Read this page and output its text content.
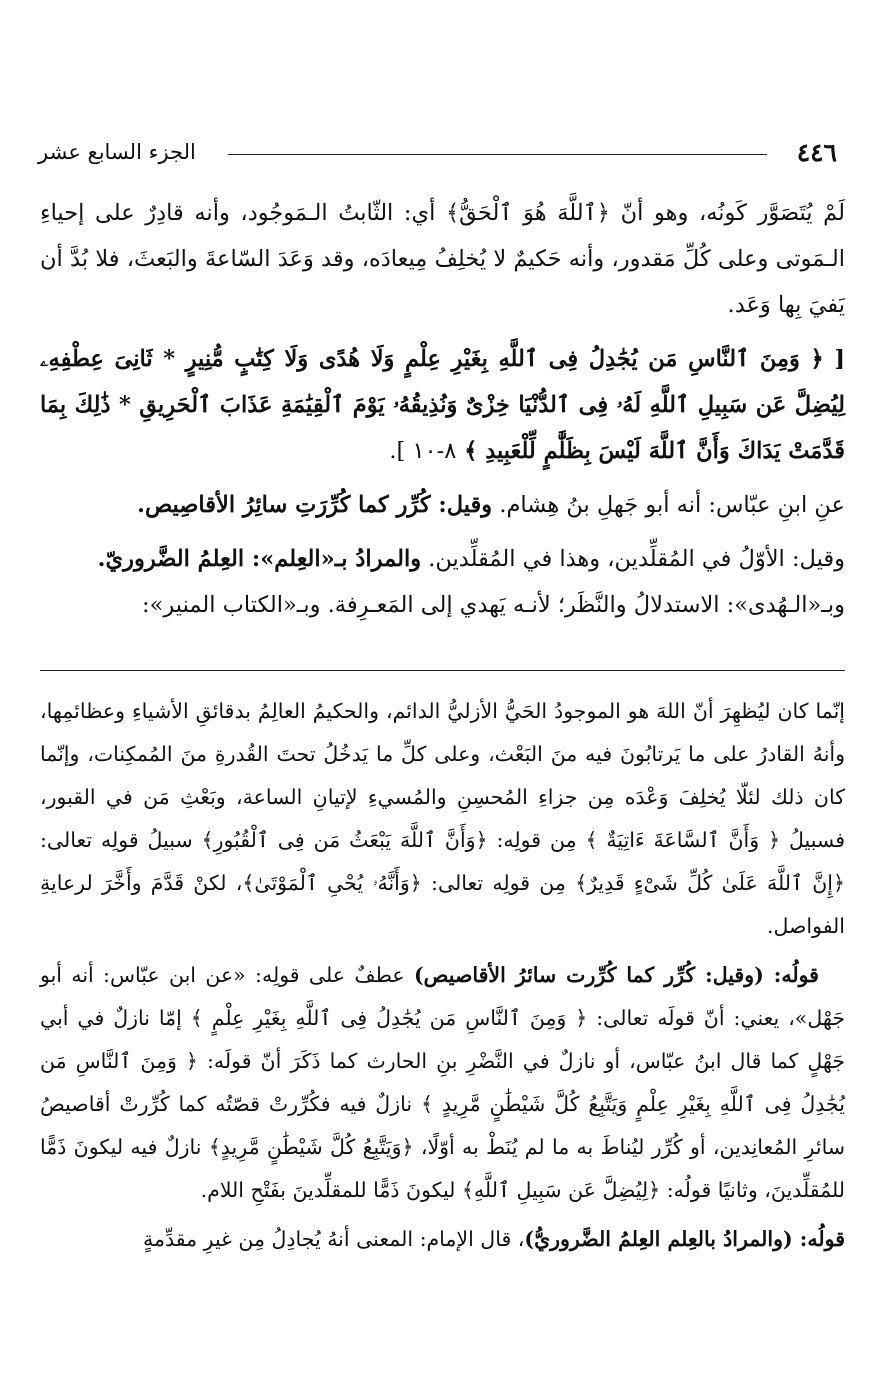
٤٤٦
الجزء السابع عشر

لَمْ يُتَصَوَّر كَونُه، وهو أنّ ﴿ٱللَّهَ هُوَ ٱلْحَقُّ﴾ أي: الثّابتُ الـمَوجُود، وأنه قادِرٌ على إحياءِ الـمَوتى وعلى كُلِّ مَقدور، وأنه حَكيمٌ لا يُخلِفُ مِيعادَه، وقد وَعَدَ السّاعةَ والبَعثَ، فلا بُدَّ أن يَفيَ بِها وَعَد.

[ ﴿ وَمِنَ ٱلنَّاسِ مَن يُجَٰدِلُ فِى ٱللَّهِ بِغَيْرِ عِلْمٍ وَلَا هُدًى وَلَا كِتَٰبٍ مُّنِيرٍ * ثَانِىَ عِطْفِهِۦ لِيُضِلَّ عَن سَبِيلِ ٱللَّهِ لَهُۥ فِى ٱلدُّنْيَا خِزْىٌ وَنُذِيقُهُۥ يَوْمَ ٱلْقِيَٰمَةِ عَذَابَ ٱلْحَرِيقِ * ذَٰلِكَ بِمَا قَدَّمَتْ يَدَاكَ وَأَنَّ ٱللَّهَ لَيْسَ بِظَلَّٰمٍ لِّلْعَبِيدِ ﴾ ٨-١٠ ].

عنِ ابنِ عبّاس: أنه أبو جَهلِ بنُ هِشام. وقيل: كُرِّر كما كُرِّرَتِ سائِرُ الأقاصِيص.

وقيل: الأوّلُ في المُقلِّدين، وهذا في المُقلِّدين. والمرادُ بـ«العِلم»: العِلمُ الضَّروريّ.
وبـ«الـهُدى»: الاستدلالُ والنَّظَر؛ لأنـه يَهدي إلى المَعـرِفة. وبـ«الكتاب المنير»:

إنّما كان ليُظهِرَ أنّ اللهَ هو الموجودُ الحَيُّ الأزليُّ الدائم، والحكيمُ العالِمُ بدقائقِ الأشياءِ وعظائمِها، وأنهُ القادرُ على ما يَرتابُونَ فيه منَ البَعْث، وعلى كلِّ ما يَدخُلُ تحتَ القُدرةِ منَ المُمكِنات، وإنّما كان ذلك لئلّا يُخلِفَ وَعْدَه مِن جزاءِ المُحسِنِ والمُسيءِ لإتيانِ الساعة، وبَعْثِ مَن في القبور، فسبيلُ ﴿ وَأَنَّ ٱلسَّاعَةَ ءَاتِيَةٌ ﴾ مِن قولِه: ﴿وَأَنَّ ٱللَّهَ يَبْعَثُ مَن فِى ٱلْقُبُورِ﴾ سبيلُ قولِه تعالى: ﴿إِنَّ ٱللَّهَ عَلَىٰ كُلِّ شَىْءٍ قَدِيرٌ﴾ مِن قولِه تعالى: ﴿وَأَنَّهُۥ يُحْىِ ٱلْمَوْتَىٰ﴾، لكنْ قَدَّمَ وأَخَّرَ لرعايةِ الفواصل.

قولُه: (وقيل: كُرِّر كما كُرِّرت سائرُ الأقاصيص) عطفٌ على قولِه: «عن ابن عبّاس: أنه أبو جَهْل»، يعني: أنّ قولَه تعالى: ﴿ وَمِنَ ٱلنَّاسِ مَن يُجَٰدِلُ فِى ٱللَّهِ بِغَيْرِ عِلْمٍ ﴾ إمّا نازلٌ في أبي جَهْلٍ كما قال ابنُ عبّاس، أو نازلٌ في النَّضْرِ بنِ الحارث كما ذَكَرَ أنّ قولَه: ﴿ وَمِنَ ٱلنَّاسِ مَن يُجَٰدِلُ فِى ٱللَّهِ بِغَيْرِ عِلْمٍ وَيَتَّبِعُ كُلَّ شَيْطَٰنٍ مَّرِيدٍ ﴾ نازلٌ فيه فكُرِّرتْ قصّتُه كما كُرِّرتْ أقاصيصُ سائرِ المُعانِدين، أو كُرِّر ليُناطَ به ما لم يُنَطْ به أوّلًا، ﴿وَيَتَّبِعُ كُلَّ شَيْطَٰنٍ مَّرِيدٍ﴾ نازلٌ فيه ليكونَ ذَمًّا للمُقلِّدينَ، وثانيًا قولُه: ﴿لِيُضِلَّ عَن سَبِيلِ ٱللَّهِ﴾ ليكونَ ذَمًّا للمقلِّدينَ بفَتْحِ اللام.

قولُه: (والمرادُ بالعِلم العِلمُ الضَّروريُّ)، قال الإمام: المعنى أنهُ يُجادِلُ مِن غيرِ مقدِّمةٍ
